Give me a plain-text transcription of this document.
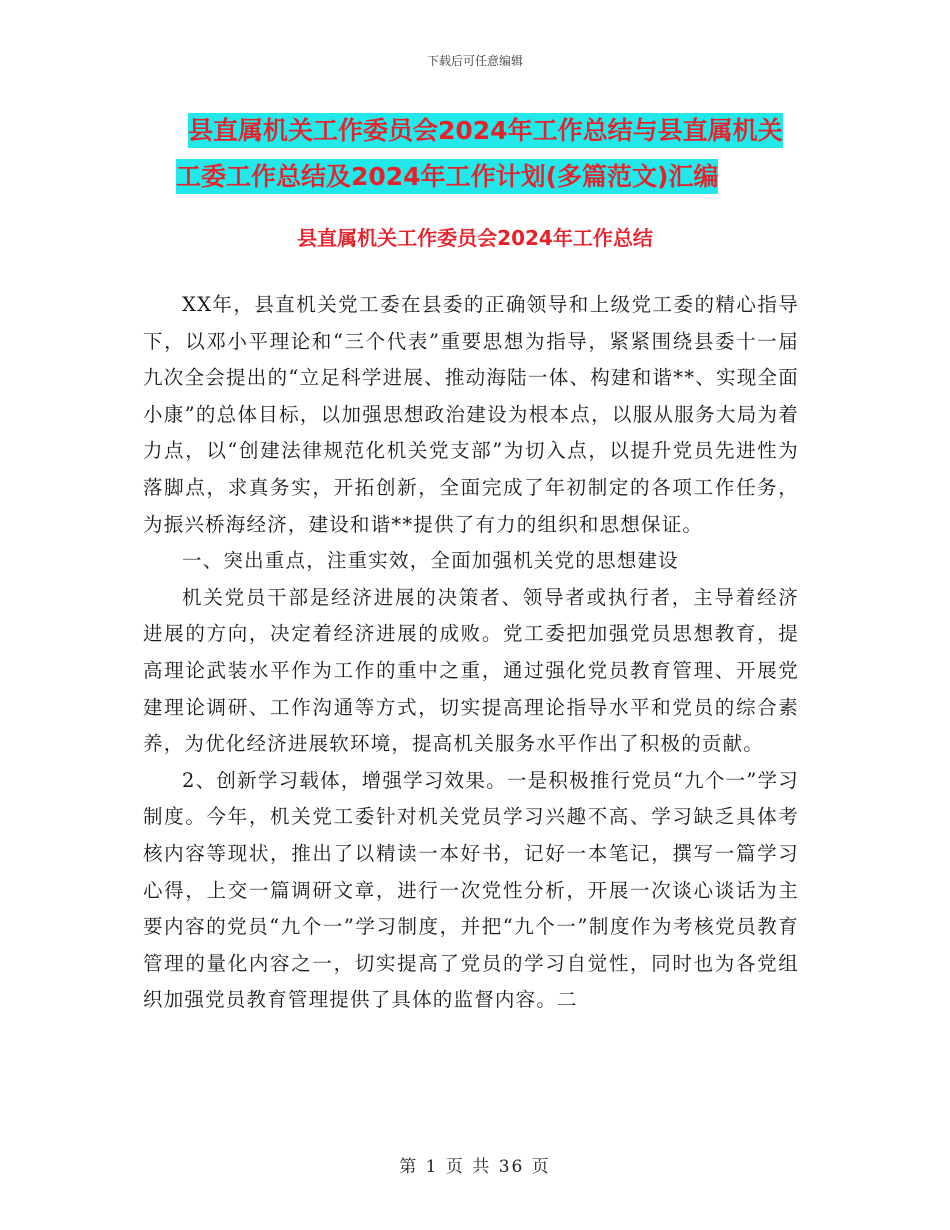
下载后可任意编辑
县直属机关工作委员会2024年工作总结与县直属机关
工委工作总结及2024年工作计划(多篇范文)汇编
县直属机关工作委员会2024年工作总结

XX年，县直机关党工委在县委的正确领导和上级党工委的精心指导下，以邓小平理论和“三个代表”重要思想为指导，紧紧围绕县委十一届九次全会提出的“立足科学进展、推动海陆一体、构建和谐**、实现全面小康”的总体目标，以加强思想政治建设为根本点，以服从服务大局为着力点，以“创建法律规范化机关党支部”为切入点，以提升党员先进性为落脚点，求真务实，开拓创新，全面完成了年初制定的各项工作任务，为振兴桥海经济，建设和谐**提供了有力的组织和思想保证。

一、突出重点，注重实效，全面加强机关党的思想建设

机关党员干部是经济进展的决策者、领导者或执行者，主导着经济进展的方向，决定着经济进展的成败。党工委把加强党员思想教育，提高理论武装水平作为工作的重中之重，通过强化党员教育管理、开展党建理论调研、工作沟通等方式，切实提高理论指导水平和党员的综合素养，为优化经济进展软环境，提高机关服务水平作出了积极的贡献。

2、创新学习载体，增强学习效果。一是积极推行党员“九个一”学习制度。今年，机关党工委针对机关党员学习兴趣不高、学习缺乏具体考核内容等现状，推出了以精读一本好书，记好一本笔记，撰写一篇学习心得，上交一篇调研文章，进行一次党性分析，开展一次谈心谈话为主要内容的党员“九个一”学习制度，并把“九个一”制度作为考核党员教育管理的量化内容之一，切实提高了党员的学习自觉性，同时也为各党组织加强党员教育管理提供了具体的监督内容。二

第 1 页 共 36 页
